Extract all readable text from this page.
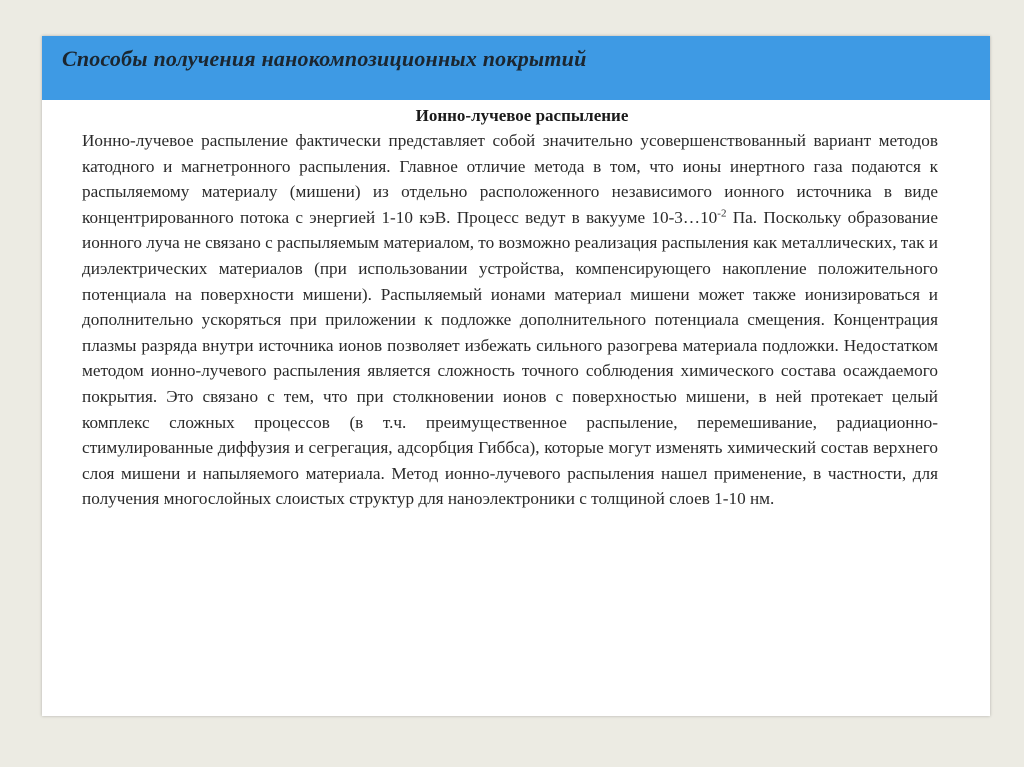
Способы получения нанокомпозиционных покрытий

Ионно-лучевое распыление

Ионно-лучевое распыление фактически представляет собой значительно усовершенствованный вариант методов катодного и магнетронного распыления. Главное отличие метода в том, что ионы инертного газа подаются к распыляемому материалу (мишени) из отдельно расположенного независимого ионного источника в виде концентрированного потока с энергией 1-10 кэВ. Процесс ведут в вакууме $10-3\dots 10^{-2}$ Па. Поскольку образование ионного луча не связано с распыляемым материалом, то возможно реализация распыления как металлических, так и диэлектрических материалов (при использовании устройства, компенсирующего накопление положительного потенциала на поверхности мишени). Распыляемый ионами материал мишени может также ионизироваться и дополнительно ускоряться при приложении к подложке дополнительного потенциала смещения. Концентрация плазмы разряда внутри источника ионов позволяет избежать сильного разогрева материала подложки. Недостатком методом ионно-лучевого распыления является сложность точного соблюдения химического состава осаждаемого покрытия. Это связано с тем, что при столкновении ионов с поверхностью мишени, в ней протекает целый комплекс сложных процессов (в т.ч. преимущественное распыление, перемешивание, радиационно-стимулированные диффузия и сегрегация, адсорбция Гиббса), которые могут изменять химический состав верхнего слоя мишени и напыляемого материала. Метод ионно-лучевого распыления нашел применение, в частности, для получения многослойных слоистых структур для наноэлектроники с толщиной слоев 1-10 нм.
